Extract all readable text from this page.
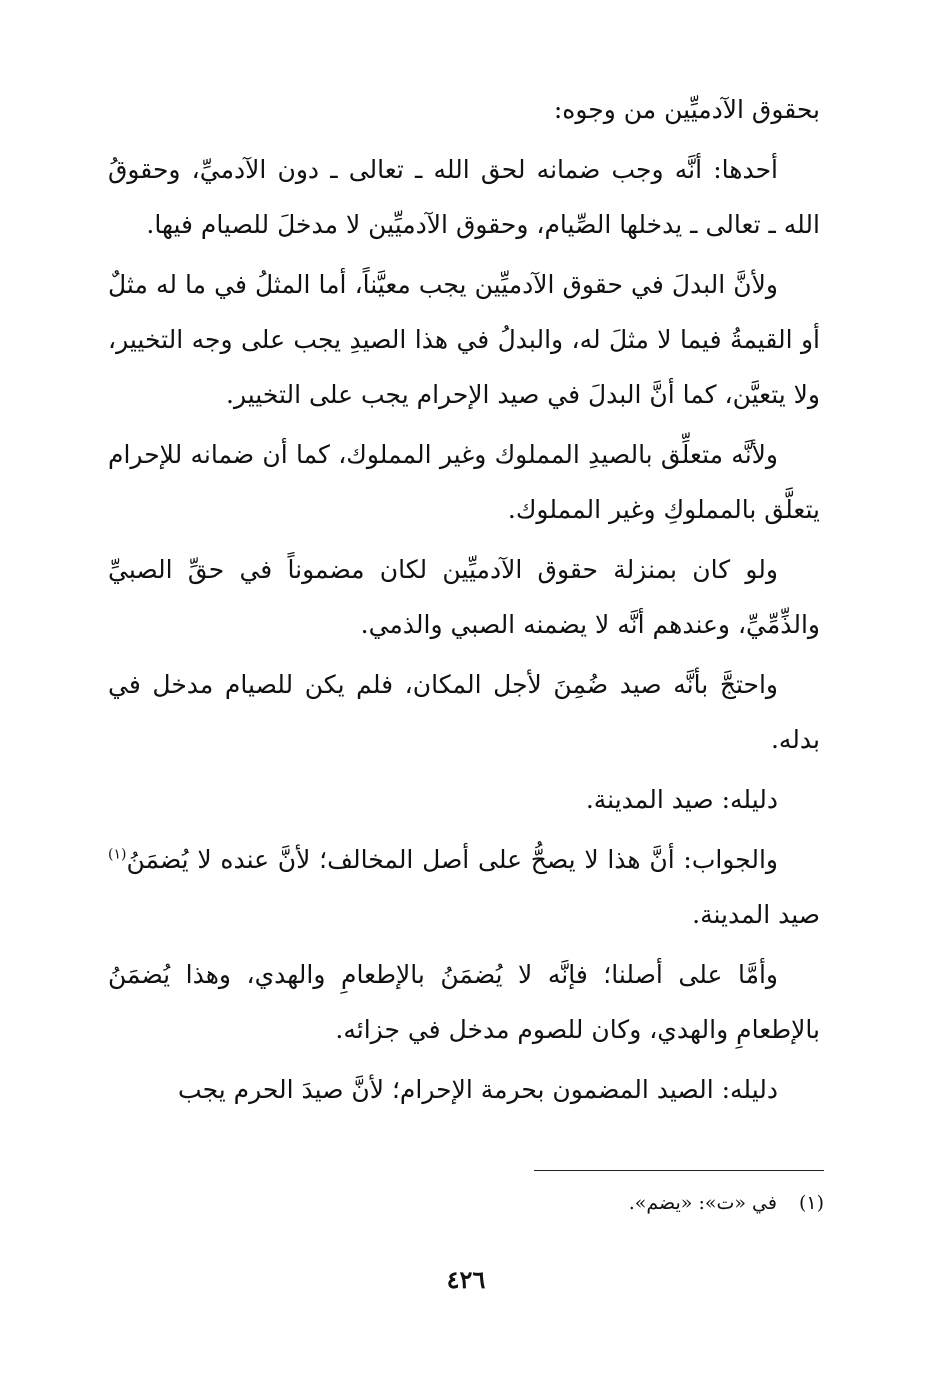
بحقوق الآدميِّين من وجوه:

أحدها: أنَّه وجب ضمانه لحق الله ـ تعالى ـ دون الآدميِّ، وحقوقُ الله ـ تعالى ـ يدخلها الصِّيام، وحقوق الآدميِّين لا مدخلَ للصيام فيها.

ولأنَّ البدلَ في حقوق الآدميِّين يجب معيَّناً، أما المثلُ في ما له مثلٌ أو القيمةُ فيما لا مثلَ له، والبدلُ في هذا الصيدِ يجب على وجه التخيير، ولا يتعيَّن، كما أنَّ البدلَ في صيد الإحرام يجب على التخيير.

ولأنَّه متعلِّق بالصيدِ المملوك وغير المملوك، كما أن ضمانه للإحرام يتعلَّق بالمملوكِ وغير المملوك.

ولو كان بمنزلة حقوق الآدميِّين لكان مضموناً في حقِّ الصبيِّ والذِّمِّيِّ، وعندهم أنَّه لا يضمنه الصبي والذمي.

واحتجَّ بأنَّه صيد ضُمِنَ لأجل المكان، فلم يكن للصيام مدخل في بدله.

دليله: صيد المدينة.

والجواب: أنَّ هذا لا يصحُّ على أصل المخالف؛ لأنَّ عنده لا يُضمَنُ$^{(١)}$ صيد المدينة.

وأمَّا على أصلنا؛ فإنَّه لا يُضمَنُ بالإطعامِ والهدي، وهذا يُضمَنُ بالإطعامِ والهدي، وكان للصوم مدخل في جزائه.

دليله: الصيد المضمون بحرمة الإحرام؛ لأنَّ صيدَ الحرم يجب

(١)في «ت»: «يضم».
٤٢٦
